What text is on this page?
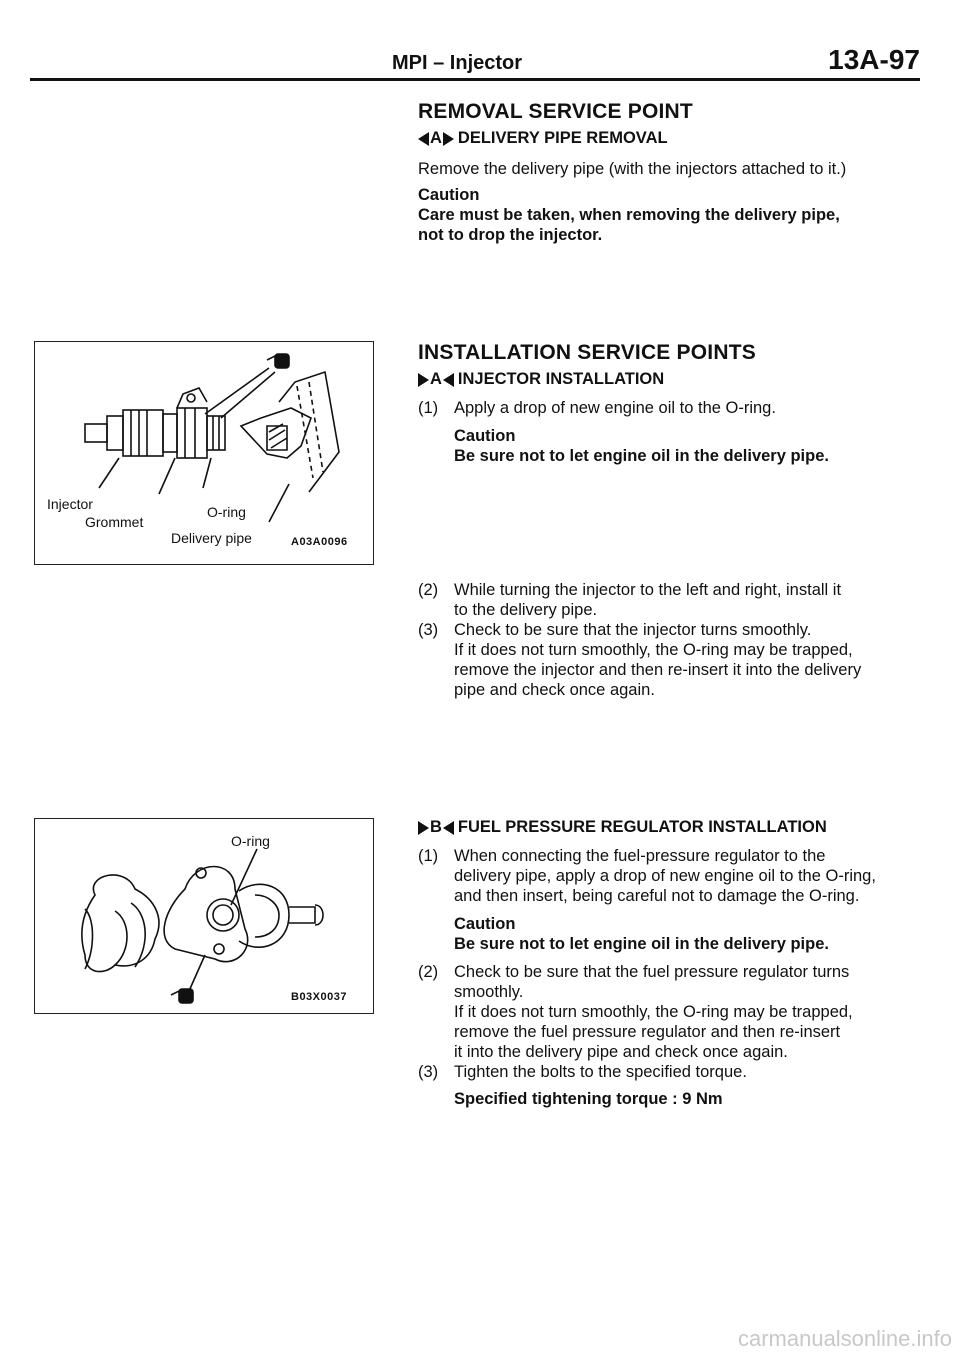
MPI – Injector	13A-97
REMOVAL SERVICE POINT
A DELIVERY PIPE REMOVAL
Remove the delivery pipe (with the injectors attached to it.)
Caution
Care must be taken, when removing the delivery pipe,
not to drop the injector.
Injector	O-ring
Grommet
Delivery pipe	A03A0096
INSTALLATION SERVICE POINTS
A INJECTOR INSTALLATION
(1) Apply a drop of new engine oil to the O-ring.
Caution
Be sure not to let engine oil in the delivery pipe.
(2) While turning the injector to the left and right, install it
to the delivery pipe.
(3) Check to be sure that the injector turns smoothly.
If it does not turn smoothly, the O-ring may be trapped,
remove the injector and then re-insert it into the delivery
pipe and check once again.
O-ring
B03X0037
B FUEL PRESSURE REGULATOR INSTALLATION
(1) When connecting the fuel-pressure regulator to the
delivery pipe, apply a drop of new engine oil to the O-ring,
and then insert, being careful not to damage the O-ring.
Caution
Be sure not to let engine oil in the delivery pipe.
(2) Check to be sure that the fuel pressure regulator turns
smoothly.
If it does not turn smoothly, the O-ring may be trapped,
remove the fuel pressure regulator and then re-insert
it into the delivery pipe and check once again.
(3) Tighten the bolts to the specified torque.
Specified tightening torque : 9 Nm
carmanualsonline.info
